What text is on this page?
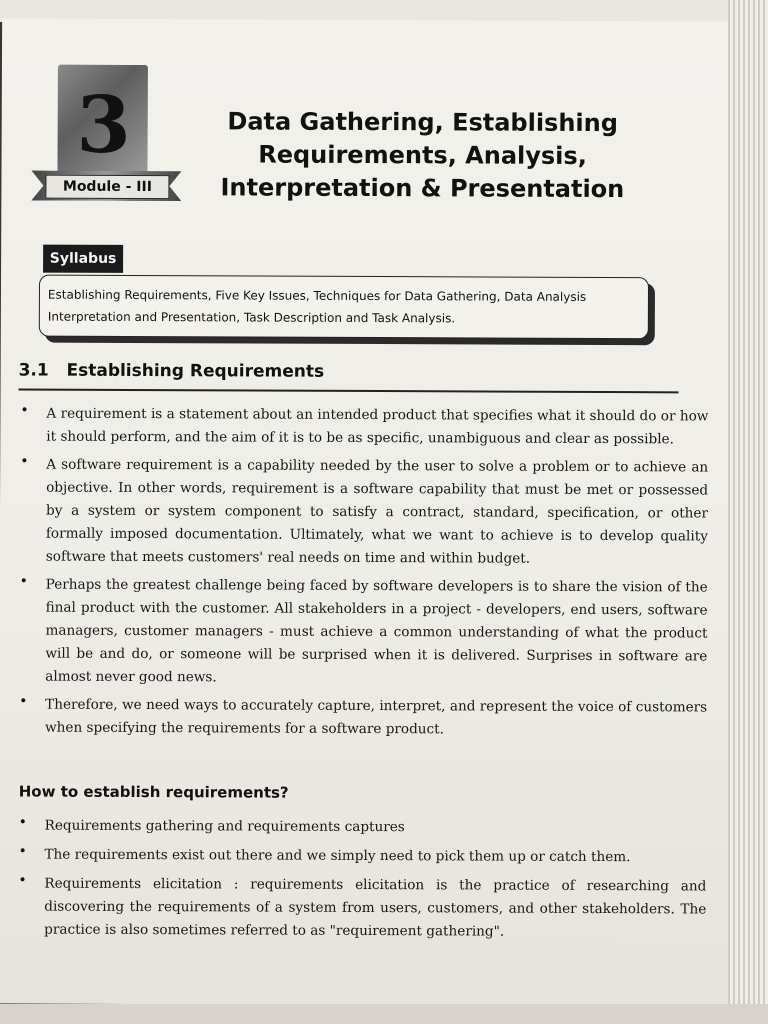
3
Module - III
Data Gathering, Establishing Requirements, Analysis, Interpretation & Presentation
Syllabus
Establishing Requirements, Five Key Issues, Techniques for Data Gathering, Data Analysis Interpretation and Presentation, Task Description and Task Analysis.
3.1 Establishing Requirements
• A requirement is a statement about an intended product that specifies what it should do or how it should perform, and the aim of it is to be as specific, unambiguous and clear as possible.
• A software requirement is a capability needed by the user to solve a problem or to achieve an objective. In other words, requirement is a software capability that must be met or possessed by a system or system component to satisfy a contract, standard, specification, or other formally imposed documentation. Ultimately, what we want to achieve is to develop quality software that meets customers' real needs on time and within budget.
• Perhaps the greatest challenge being faced by software developers is to share the vision of the final product with the customer. All stakeholders in a project - developers, end users, software managers, customer managers - must achieve a common understanding of what the product will be and do, or someone will be surprised when it is delivered. Surprises in software are almost never good news.
• Therefore, we need ways to accurately capture, interpret, and represent the voice of customers when specifying the requirements for a software product.
How to establish requirements?
• Requirements gathering and requirements captures
• The requirements exist out there and we simply need to pick them up or catch them.
• Requirements elicitation : requirements elicitation is the practice of researching and discovering the requirements of a system from users, customers, and other stakeholders. The practice is also sometimes referred to as "requirement gathering".
